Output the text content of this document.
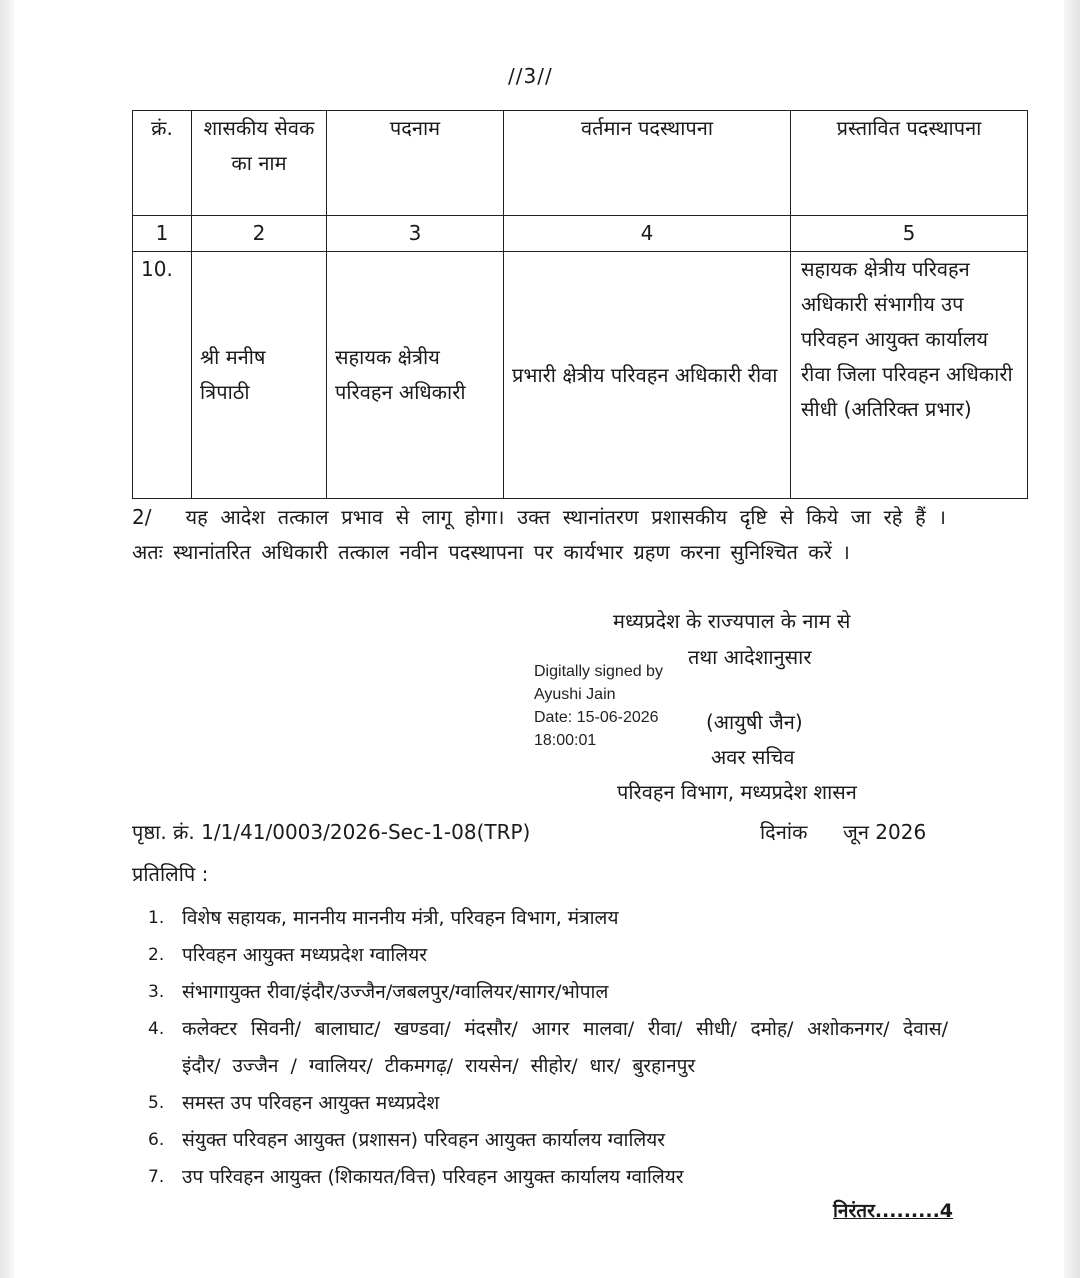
//3//
क्रं.	शासकीय सेवक का नाम	पदनाम	वर्तमान पदस्थापना	प्रस्तावित पदस्थापना
1	2	3	4	5
10.	श्री मनीष त्रिपाठी	सहायक क्षेत्रीय परिवहन अधिकारी	प्रभारी क्षेत्रीय परिवहन अधिकारी रीवा	सहायक क्षेत्रीय परिवहन अधिकारी संभागीय उप परिवहन आयुक्त कार्यालय रीवा जिला परिवहन अधिकारी सीधी (अतिरिक्त प्रभार)
2/ यह आदेश तत्काल प्रभाव से लागू होगा। उक्त स्थानांतरण प्रशासकीय दृष्टि से किये जा रहे हैं । अतः स्थानांतरित अधिकारी तत्काल नवीन पदस्थापना पर कार्यभार ग्रहण करना सुनिश्चित करें ।
मध्यप्रदेश के राज्यपाल के नाम से
तथा आदेशानुसार
Digitally signed by
Ayushi Jain
Date: 15-06-2026
18:00:01
(आयुषी जैन)
अवर सचिव
परिवहन विभाग, मध्यप्रदेश शासन
पृष्ठा. क्रं. 1/1/41/0003/2026-Sec-1-08(TRP)	दिनांक जून 2026
प्रतिलिपि :
1. विशेष सहायक, माननीय माननीय मंत्री, परिवहन विभाग, मंत्रालय
2. परिवहन आयुक्त मध्यप्रदेश ग्वालियर
3. संभागायुक्त रीवा/इंदौर/उज्जैन/जबलपुर/ग्वालियर/सागर/भोपाल
4. कलेक्टर सिवनी/ बालाघाट/ खण्डवा/ मंदसौर/ आगर मालवा/ रीवा/ सीधी/ दमोह/ अशोकनगर/ देवास/ इंदौर/ उज्जैन / ग्वालियर/ टीकमगढ़/ रायसेन/ सीहोर/ धार/ बुरहानपुर
5. समस्त उप परिवहन आयुक्त मध्यप्रदेश
6. संयुक्त परिवहन आयुक्त (प्रशासन) परिवहन आयुक्त कार्यालय ग्वालियर
7. उप परिवहन आयुक्त (शिकायत/वित्त) परिवहन आयुक्त कार्यालय ग्वालियर
निरंतर.........4
